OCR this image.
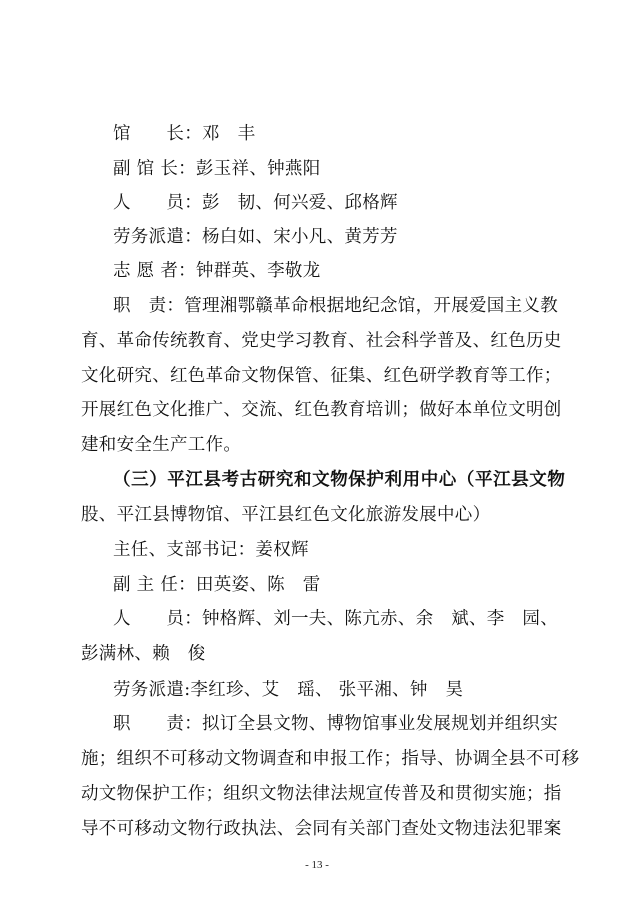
馆　　长：邓　丰
副 馆 长：彭玉祥、钟燕阳
人　　员：彭　韧、何兴爱、邱格辉
劳务派遣：杨白如、宋小凡、黄芳芳
志 愿 者：钟群英、李敬龙
职　责：管理湘鄂赣革命根据地纪念馆，开展爱国主义教
育、革命传统教育、党史学习教育、社会科学普及、红色历史
文化研究、红色革命文物保管、征集、红色研学教育等工作；
开展红色文化推广、交流、红色教育培训；做好本单位文明创
建和安全生产工作。
（三）平江县考古研究和文物保护利用中心（平江县文物
股、平江县博物馆、平江县红色文化旅游发展中心）
主任、支部书记：姜权辉
副 主 任：田英姿、陈　雷
人　　员：钟格辉、刘一夫、陈亢赤、余　斌、李　园、
彭满林、赖　俊
劳务派遣:李红珍、艾　瑶、 张平湘、钟　昊
职　　责：拟订全县文物、博物馆事业发展规划并组织实
施；组织不可移动文物调查和申报工作；指导、协调全县不可移
动文物保护工作；组织文物法律法规宣传普及和贯彻实施；指
导不可移动文物行政执法、会同有关部门查处文物违法犯罪案
- 13 -
